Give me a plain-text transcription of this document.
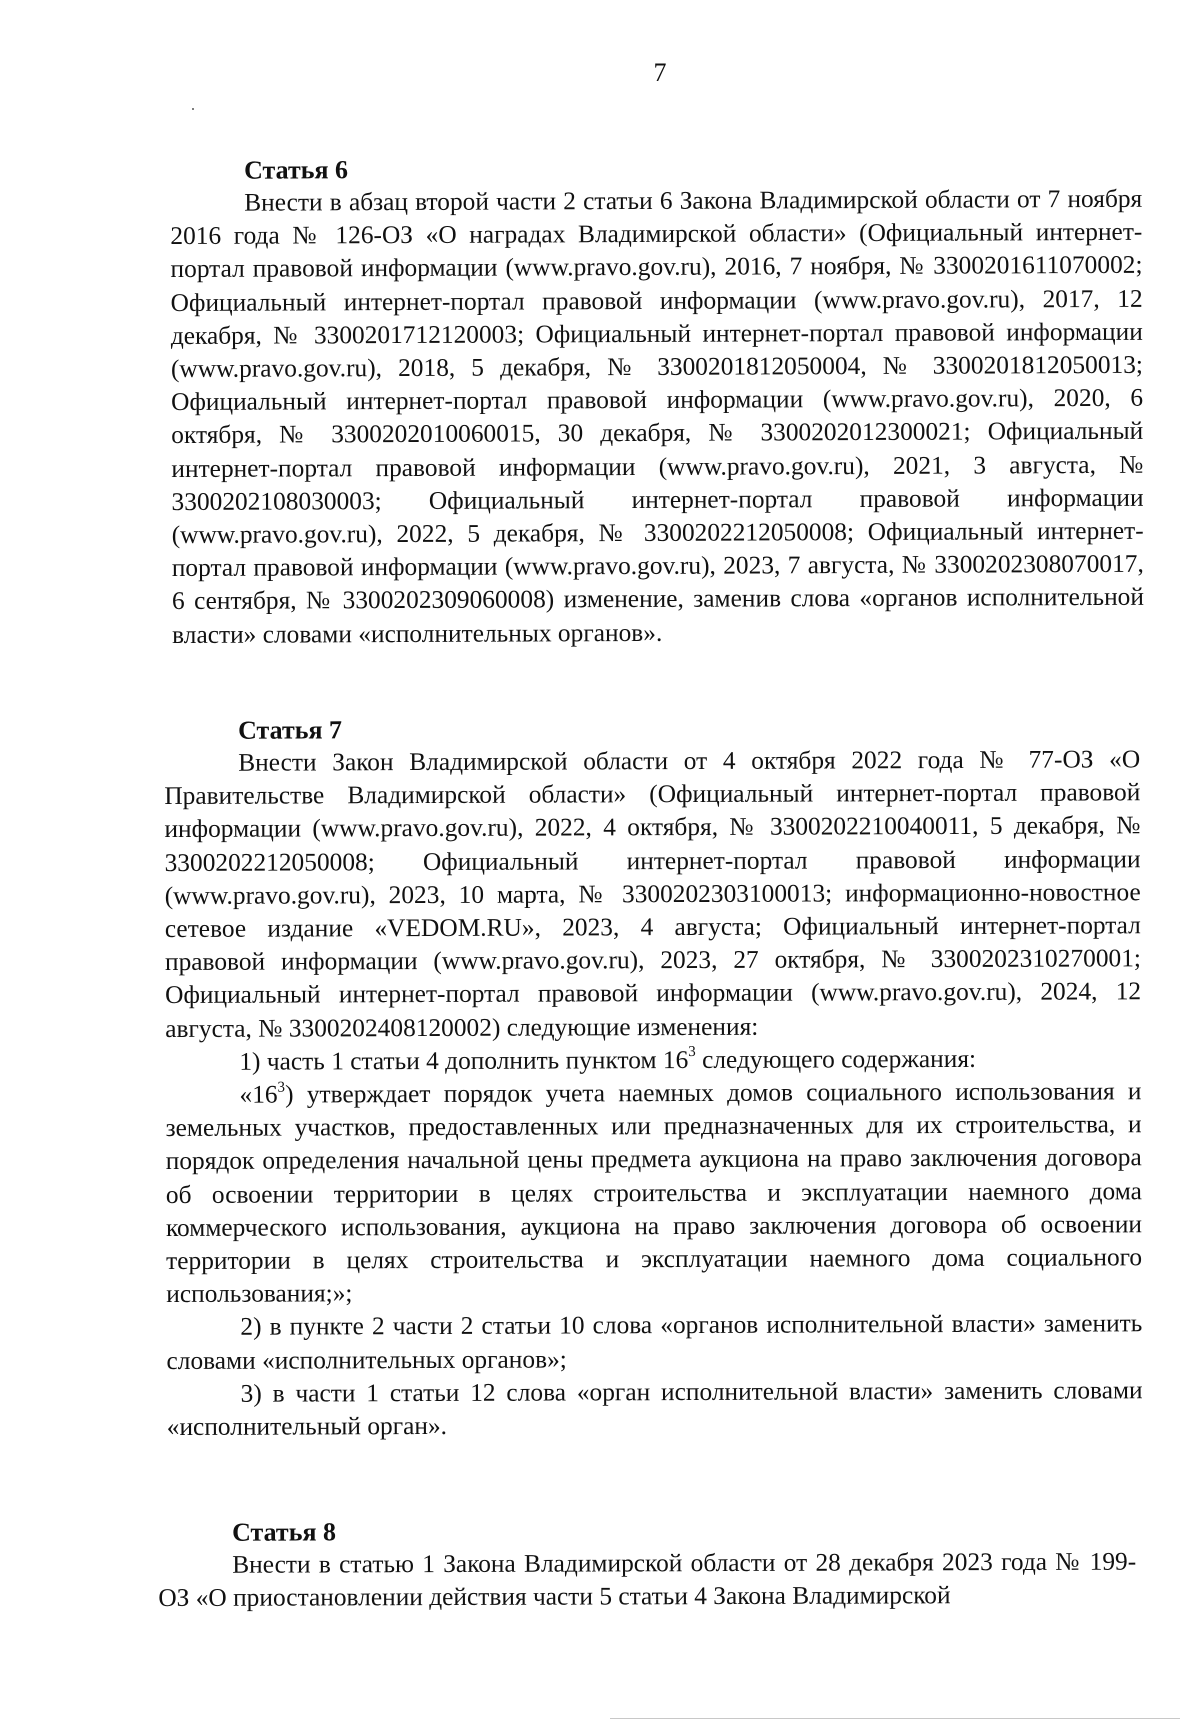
7

Статья 6

Внести в абзац второй части 2 статьи 6 Закона Владимирской области от 7 ноября 2016 года № 126-ОЗ «О наградах Владимирской области» (Официальный интернет-портал правовой информации (www.pravo.gov.ru), 2016, 7 ноября, № 3300201611070002; Официальный интернет-портал правовой информации (www.pravo.gov.ru), 2017, 12 декабря, № 3300201712120003; Официальный интернет-портал правовой информации (www.pravo.gov.ru), 2018, 5 декабря, № 3300201812050004, № 3300201812050013; Официальный интернет-портал правовой информации (www.pravo.gov.ru), 2020, 6 октября, № 3300202010060015, 30 декабря, № 3300202012300021; Официальный интернет-портал правовой информации (www.pravo.gov.ru), 2021, 3 августа, № 3300202108030003; Официальный интернет-портал правовой информации (www.pravo.gov.ru), 2022, 5 декабря, № 3300202212050008; Официальный интернет-портал правовой информации (www.pravo.gov.ru), 2023, 7 августа, № 3300202308070017, 6 сентября, № 3300202309060008) изменение, заменив слова «органов исполнительной власти» словами «исполнительных органов».

Статья 7

Внести Закон Владимирской области от 4 октября 2022 года № 77-ОЗ «О Правительстве Владимирской области» (Официальный интернет-портал правовой информации (www.pravo.gov.ru), 2022, 4 октября, № 3300202210040011, 5 декабря, № 3300202212050008; Официальный интернет-портал правовой информации (www.pravo.gov.ru), 2023, 10 марта, № 3300202303100013; информационно-новостное сетевое издание «VEDOM.RU», 2023, 4 августа; Официальный интернет-портал правовой информации (www.pravo.gov.ru), 2023, 27 октября, № 3300202310270001; Официальный интернет-портал правовой информации (www.pravo.gov.ru), 2024, 12 августа, № 3300202408120002) следующие изменения:

1) часть 1 статьи 4 дополнить пунктом $16^3$ следующего содержания:

«$16^3$) утверждает порядок учета наемных домов социального использования и земельных участков, предоставленных или предназначенных для их строительства, и порядок определения начальной цены предмета аукциона на право заключения договора об освоении территории в целях строительства и эксплуатации наемного дома коммерческого использования, аукциона на право заключения договора об освоении территории в целях строительства и эксплуатации наемного дома социального использования;»;

2) в пункте 2 части 2 статьи 10 слова «органов исполнительной власти» заменить словами «исполнительных органов»;

3) в части 1 статьи 12 слова «орган исполнительной власти» заменить словами «исполнительный орган».

Статья 8

Внести в статью 1 Закона Владимирской области от 28 декабря 2023 года № 199-ОЗ «О приостановлении действия части 5 статьи 4 Закона Владимирской
